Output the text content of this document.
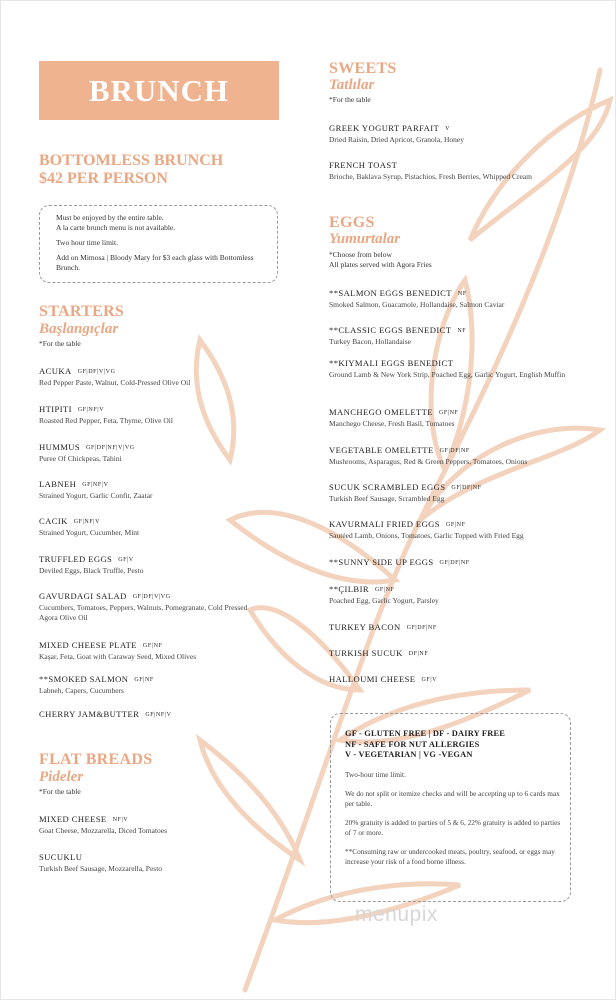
BRUNCH
BOTTOMLESS BRUNCH
$42 PER PERSON
Must be enjoyed by the entire table.
A la carte brunch menu is not available.
Two hour time limit.
Add on Mimosa | Bloody Mary for $3 each glass with Bottomless Brunch.
STARTERS
Başlangıçlar
*For the table
ACUKA GF|DF|V|VG
Red Pepper Paste, Walnut, Cold-Pressed Olive Oil
HTIPITI GF|NF|V
Roasted Red Pepper, Feta, Thyme, Olive Oil
HUMMUS GF|DF|NF|V|VG
Puree Of Chickpeas, Tahini
LABNEH GF|NF|V
Strained Yogurt, Garlic Confit, Zaatar
CACIK GF|NF|V
Strained Yogurt, Cucumber, Mint
TRUFFLED EGGS GF|V
Deviled Eggs, Black Truffle, Pesto
GAVURDAGI SALAD GF|DF|V|VG
Cucumbers, Tomatoes, Peppers, Walnuts, Pomegranate, Cold Pressed Agora Olive Oil
MIXED CHEESE PLATE GF|NF
Kaşar, Feta, Goat with Caraway Seed, Mixed Olives
**SMOKED SALMON GF|NF
Labneh, Capers, Cucumbers
CHERRY JAM&BUTTER GF|NF|V
FLAT BREADS
Pideler
*For the table
MIXED CHEESE NF|V
Goat Cheese, Mozzarella, Diced Tomatoes
SUCUKLU
Turkish Beef Sausage, Mozzarella, Pesto
SWEETS
Tatlılar
*For the table
GREEK YOGURT PARFAIT V
Dried Raisin, Dried Apricot, Granola, Honey
FRENCH TOAST
Brioche, Baklava Syrup, Pistachios, Fresh Berries, Whipped Cream
EGGS
Yumurtalar
*Choose from below
All plates served with Agora Fries
**SALMON EGGS BENEDICT NF
Smoked Salmon, Guacamole, Hollandaise, Salmon Caviar
**CLASSIC EGGS BENEDICT NF
Turkey Bacon, Hollandaise
**KIYMALI EGGS BENEDICT
Ground Lamb & New York Strip, Poached Egg, Garlic Yogurt, English Muffin
MANCHEGO OMELETTE GF|NF
Manchego Cheese, Fresh Basil, Tomatoes
VEGETABLE OMELETTE GF|DF|NF
Mushrooms, Asparagus, Red & Green Peppers, Tomatoes, Onions
SUCUK SCRAMBLED EGGS GF|DF|NF
Turkish Beef Sausage, Scrambled Egg
KAVURMALI FRIED EGGS GF|NF
Sautéed Lamb, Onions, Tomatoes, Garlic Topped with Fried Egg
**SUNNY SIDE UP EGGS GF|DF|NF
**ÇILBIR GF|NF
Poached Egg, Garlic Yogurt, Parsley
TURKEY BACON GF|DF|NF
TURKISH SUCUK DF|NF
HALLOUMI CHEESE GF|V
GF - GLUTEN FREE | DF - DAIRY FREE
NF - SAFE FOR NUT ALLERGIES
V - VEGETARIAN | VG -VEGAN
Two-hour time limit.
We do not split or itemize checks and will be accepting up to 6 cards max per table.
20% gratuity is added to parties of 5 & 6, 22% gratuity is added to parties of 7 or more.
**Consuming raw or undercooked meats, poultry, seafood, or eggs may increase your risk of a food borne illness.
menupix
